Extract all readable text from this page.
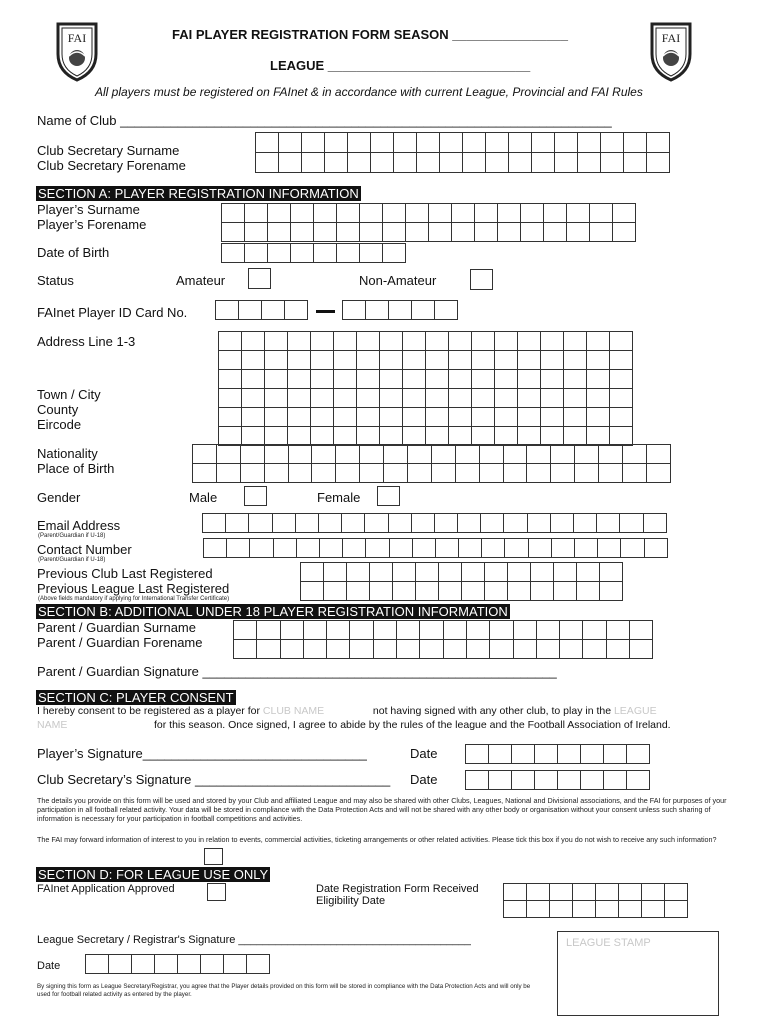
FAI	FAI
FAI PLAYER REGISTRATION FORM SEASON ________________
LEAGUE ____________________________
All players must be registered on FAInet & in accordance with current League, Provincial and FAI Rules
Name of Club ____________________________________________________________________
Club Secretary Surname
Club Secretary Forename
SECTION A: PLAYER REGISTRATION INFORMATION
Player’s Surname
Player’s Forename
Date of Birth
Status	Amateur	Non-Amateur
FAInet Player ID Card No.
Address Line 1-3
Town / City
County
Eircode
Nationality
Place of Birth
Gender	Male	Female
Email Address
(Parent/Guardian if U-18)
Contact Number
(Parent/Guardian if U-18)
Previous Club Last Registered
Previous League Last Registered
(Above fields mandatory if applying for International Transfer Certificate)
SECTION B: ADDITIONAL UNDER 18 PLAYER REGISTRATION INFORMATION
Parent / Guardian Surname
Parent / Guardian Forename
Parent / Guardian Signature _________________________________________________
SECTION C: PLAYER CONSENT
I hereby consent to be registered as a player for CLUB NAME	not having signed with any other club, to play in the LEAGUE
NAME	for this season. Once signed, I agree to abide by the rules of the league and the Football Association of Ireland.
Player’s Signature_______________________________	Date
Club Secretary’s Signature ___________________________ Date
The details you provide on this form will be used and stored by your Club and affiliated League and may also be shared with other Clubs, Leagues, National and Divisional associations, and the FAI for purposes of your participation in all football related activity. Your data will be stored in compliance with the Data Protection Acts and will not be shared with any other body or organisation without your consent unless such sharing of information is necessary for your participation in football competitions and activities.
The FAI may forward information of interest to you in relation to events, commercial activities, ticketing arrangements or other related activities. Please tick this box if you do not wish to receive any such information?
SECTION D: FOR LEAGUE USE ONLY
FAInet Application Approved	Date Registration Form Received
Eligibility Date
League Secretary / Registrar's Signature ______________________________________
Date
LEAGUE STAMP
By signing this form as League Secretary/Registrar, you agree that the Player details provided on this form will be stored in compliance with the Data Protection Acts and will only be used for football related activity as entered by the player.
